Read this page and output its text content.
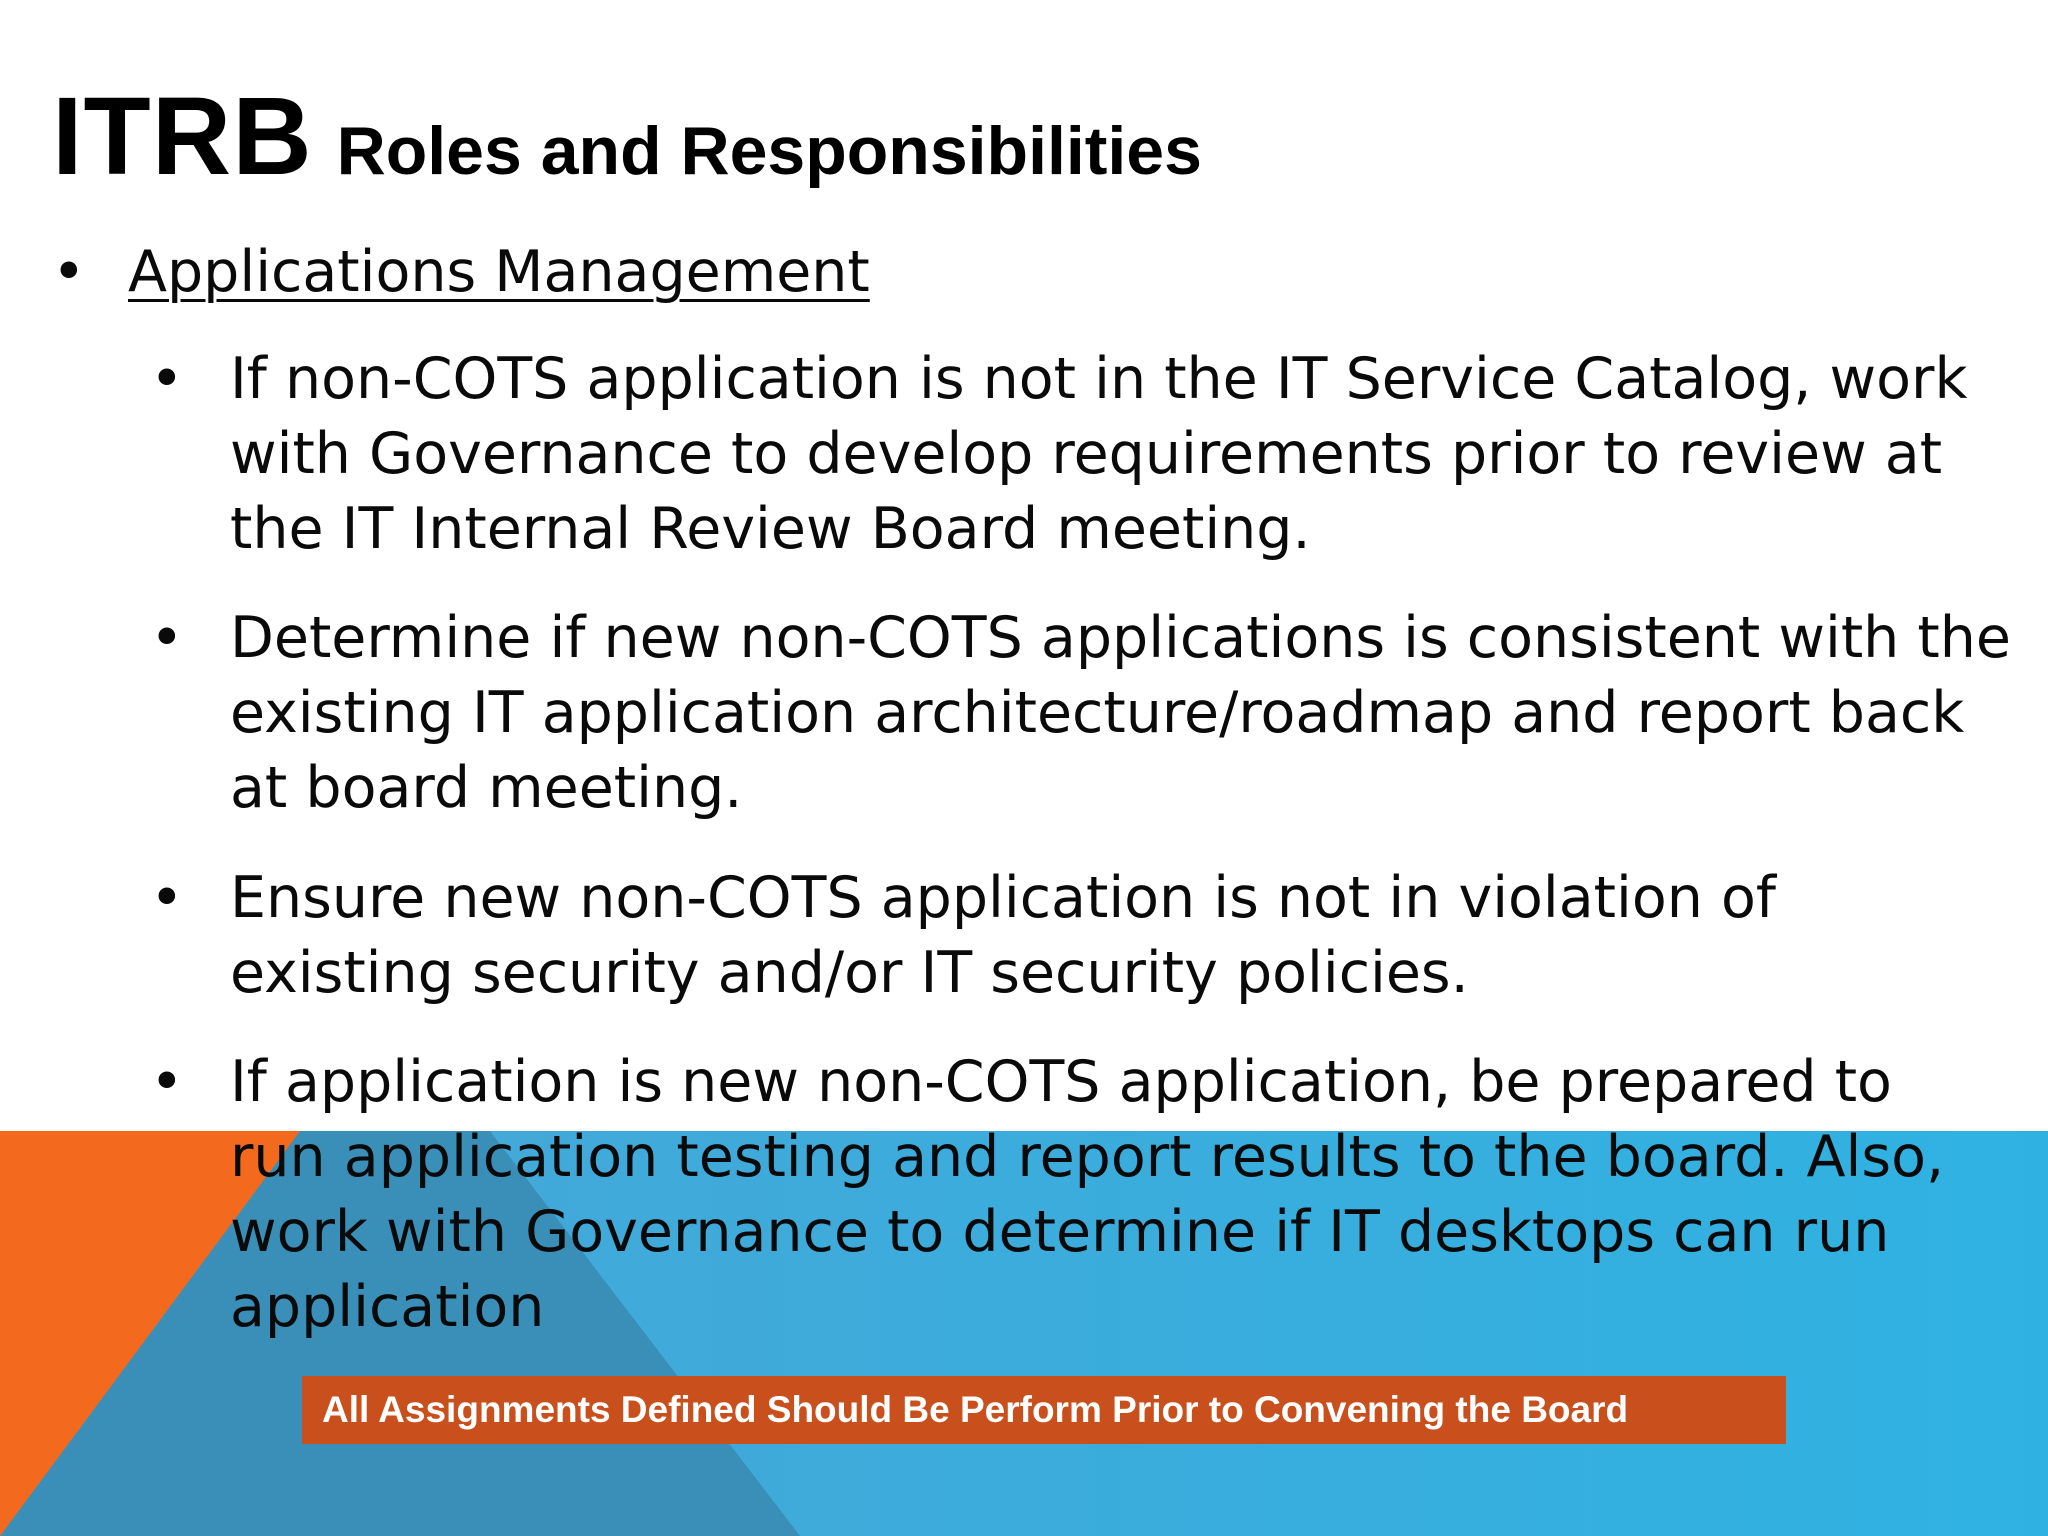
ITRB Roles and Responsibilities
• Applications Management
• If non-COTS application is not in the IT Service Catalog, work
with Governance to develop requirements prior to review at
the IT Internal Review Board meeting.
• Determine if new non-COTS applications is consistent with the
existing IT application architecture/roadmap and report back
at board meeting.
• Ensure new non-COTS application is not in violation of
existing security and/or IT security policies.
• If application is new non-COTS application, be prepared to
run application testing and report results to the board. Also,
work with Governance to determine if IT desktops can run
application
All Assignments Defined Should Be Perform Prior to Convening the Board
